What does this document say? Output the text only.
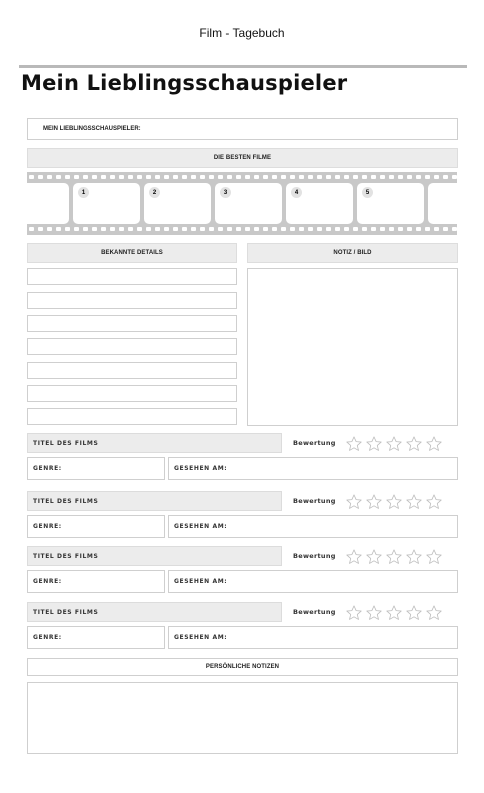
Film - Tagebuch
Mein Lieblingsschauspieler
MEIN LIEBLINGSSCHAUSPIELER:
DIE BESTEN FILME
1	2	3	4	5
BEKANNTE DETAILS	NOTIZ / BILD
TITEL DES FILMS	Bewertung
GENRE:	GESEHEN AM:
TITEL DES FILMS	Bewertung
GENRE:	GESEHEN AM:
TITEL DES FILMS	Bewertung
GENRE:	GESEHEN AM:
TITEL DES FILMS	Bewertung
GENRE:	GESEHEN AM:
PERSÖNLICHE NOTIZEN
